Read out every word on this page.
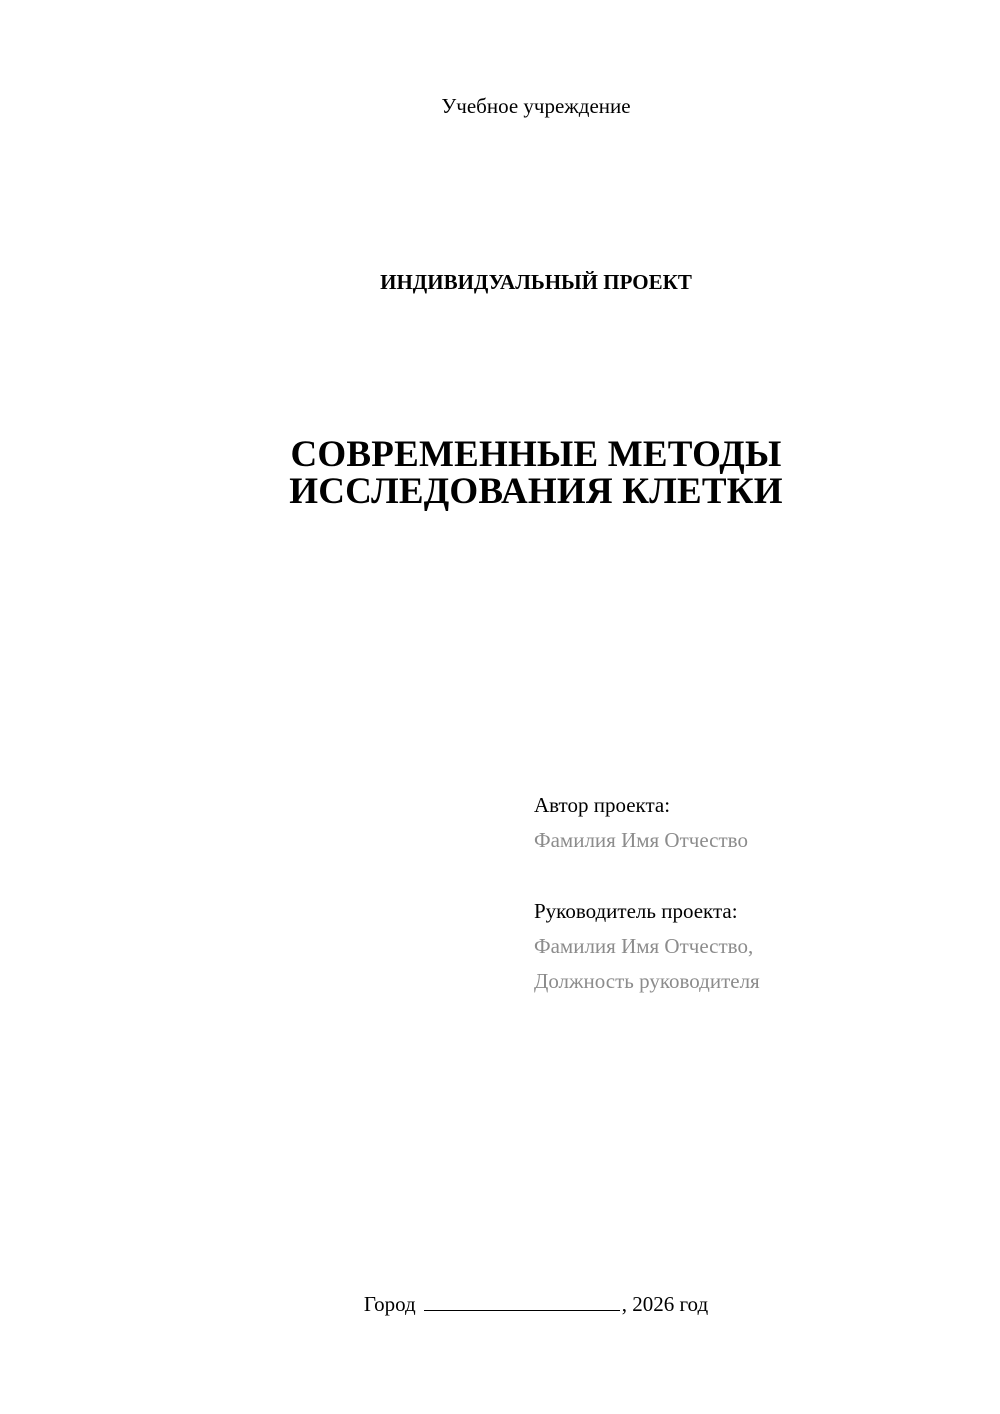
Учебное учреждение
ИНДИВИДУАЛЬНЫЙ ПРОЕКТ
СОВРЕМЕННЫЕ МЕТОДЫ
ИССЛЕДОВАНИЯ КЛЕТКИ
Автор проекта:
Фамилия Имя Отчество
Руководитель проекта:
Фамилия Имя Отчество,
Должность руководителя
Город	, 2026 год
